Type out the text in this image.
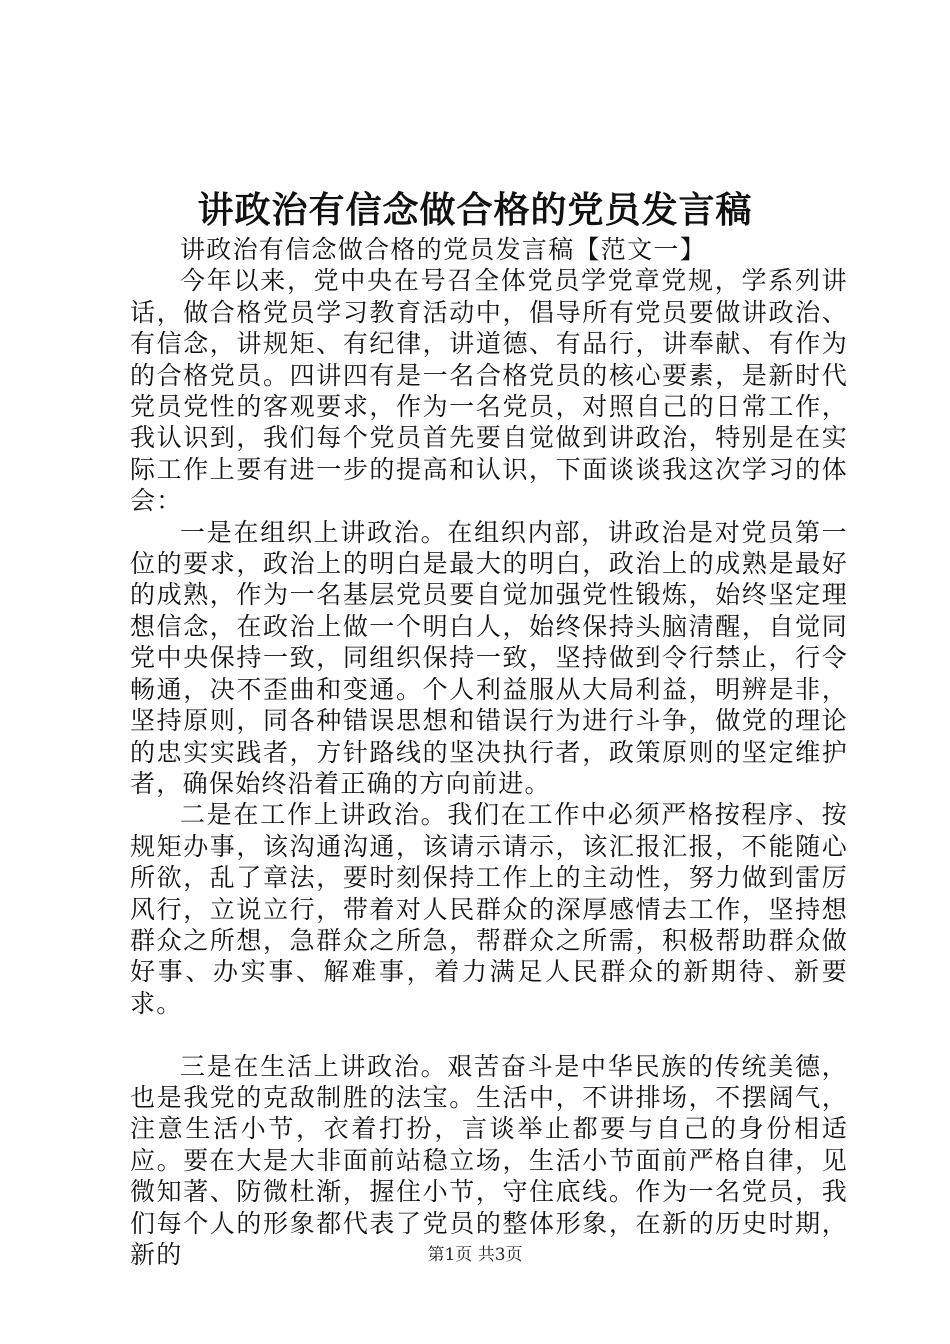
讲政治有信念做合格的党员发言稿

讲政治有信念做合格的党员发言稿【范文一】

今年以来，党中央在号召全体党员学党章党规，学系列讲话，做合格党员学习教育活动中，倡导所有党员要做讲政治、有信念，讲规矩、有纪律，讲道德、有品行，讲奉献、有作为的合格党员。四讲四有是一名合格党员的核心要素，是新时代党员党性的客观要求，作为一名党员，对照自己的日常工作，我认识到，我们每个党员首先要自觉做到讲政治，特别是在实际工作上要有进一步的提高和认识，下面谈谈我这次学习的体会：

一是在组织上讲政治。在组织内部，讲政治是对党员第一位的要求，政治上的明白是最大的明白，政治上的成熟是最好的成熟，作为一名基层党员要自觉加强党性锻炼，始终坚定理想信念，在政治上做一个明白人，始终保持头脑清醒，自觉同党中央保持一致，同组织保持一致，坚持做到令行禁止，行令畅通，决不歪曲和变通。个人利益服从大局利益，明辨是非，坚持原则，同各种错误思想和错误行为进行斗争，做党的理论的忠实实践者，方针路线的坚决执行者，政策原则的坚定维护者，确保始终沿着正确的方向前进。

二是在工作上讲政治。我们在工作中必须严格按程序、按规矩办事，该沟通沟通，该请示请示，该汇报汇报，不能随心所欲，乱了章法，要时刻保持工作上的主动性，努力做到雷厉风行，立说立行，带着对人民群众的深厚感情去工作，坚持想群众之所想，急群众之所急，帮群众之所需，积极帮助群众做好事、办实事、解难事，着力满足人民群众的新期待、新要求。

三是在生活上讲政治。艰苦奋斗是中华民族的传统美德，也是我党的克敌制胜的法宝。生活中，不讲排场，不摆阔气，注意生活小节，衣着打扮，言谈举止都要与自己的身份相适应。要在大是大非面前站稳立场，生活小节面前严格自律，见微知著、防微杜渐，握住小节，守住底线。作为一名党员，我们每个人的形象都代表了党员的整体形象，在新的历史时期，新的	第1页 共3页
